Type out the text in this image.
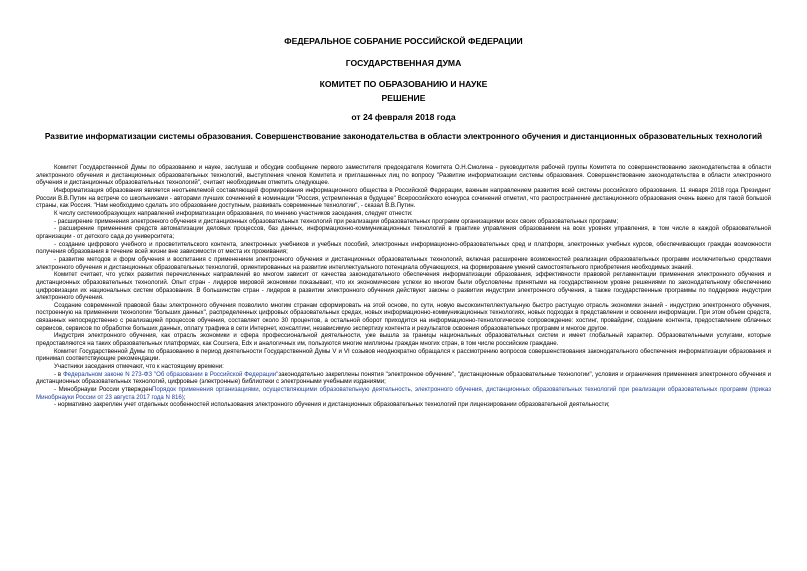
ФЕДЕРАЛЬНОЕ СОБРАНИЕ РОССИЙСКОЙ ФЕДЕРАЦИИ
ГОСУДАРСТВЕННАЯ ДУМА
КОМИТЕТ ПО ОБРАЗОВАНИЮ И НАУКЕ
РЕШЕНИЕ
от 24 февраля 2018 года
Развитие информатизации системы образования. Совершенствование законодательства в области электронного обучения и дистанционных образовательных технологий

Комитет Государственной Думы по образованию и науке, заслушав и обсудив сообщение первого заместителя председателя Комитета О.Н.Смолина - руководителя рабочей группы Комитета по совершенствованию законодательства в области электронного обучения и дистанционных образовательных технологий, выступления членов Комитета и приглашенных лиц по вопросу "Развитие информатизации системы образования. Совершенствование законодательства в области электронного обучения и дистанционных образовательных технологий", считает необходимым отметить следующее.

Информатизация образования является неотъемлемой составляющей формирования информационного общества в Российской Федерации, важным направлением развития всей системы российского образования. 11 января 2018 года Президент России В.В.Путин на встрече со школьниками - авторами лучших сочинений в номинации "Россия, устремленная в будущее" Всероссийского конкурса сочинений отметил, что распространение дистанционного образования очень важно для такой большой страны, как Россия. "Нам необходимо сделать это образование доступным, развивать современные технологии", - сказал В.В.Путин.

К числу системообразующих направлений информатизации образования, по мнению участников заседания, следует отнести:

- расширение применения электронного обучения и дистанционных образовательных технологий при реализации образовательных программ организациями всех своих образовательных программ;

- расширение применения средств автоматизации деловых процессов, баз данных, информационно-коммуникационных технологий в практике управления образованием на всех уровнях управления, в том числе в каждой образовательной организации - от детского сада до университета;

- создание цифрового учебного и просветительского контента, электронных учебников и учебных пособий, электронных информационно-образовательных сред и платформ, электронных учебных курсов, обеспечивающих граждан возможности получения образования в течение всей жизни вне зависимости от места их проживания;

- развитие методов и форм обучения и воспитания с применением электронного обучения и дистанционных образовательных технологий, включая расширение возможностей реализации образовательных программ исключительно средствами электронного обучения и дистанционных образовательных технологий, ориентированных на развитие интеллектуального потенциала обучающихся, на формирование умений самостоятельного приобретения необходимых знаний.

Комитет считает, что успех развития перечисленных направлений во многом зависит от качества законодательного обеспечения информатизации образования, эффективности правовой регламентации применения электронного обучения и дистанционных образовательных технологий. Опыт стран - лидеров мировой экономики показывает, что их экономические успехи во многом были обусловлены принятыми на государственном уровне решениями по законодательному обеспечению цифровизации их национальных систем образования. В большинстве стран - лидеров в развитии электронного обучения действуют законы о развитии индустрии электронного обучения, а также государственные программы по поддержке индустрии электронного обучения.

Создание современной правовой базы электронного обучения позволило многим странам сформировать на этой основе, по сути, новую высокоинтеллектуальную быстро растущую отрасль экономики знаний - индустрию электронного обучения, построенную на применении технологии "больших данных", распределенных цифровых образовательных средах, новых информационно-коммуникационных технологиях, новых подходах в представлении и освоении информации. При этом объем средств, связанных непосредственно с реализацией процессов обучения, составляет около 30 процентов, а остальной оборот приходится на информационно-технологическое сопровождение: хостинг, провайдинг, создание контента, предоставление облачных сервисов, сервисов по обработке больших данных, оплату трафика в сети Интернет, консалтинг, независимую экспертизу контента и результатов освоения образовательных программ и многое другое.

Индустрия электронного обучения, как отрасль экономики и сфера профессиональной деятельности, уже вышла за границы национальных образовательных систем и имеет глобальный характер. Образовательными услугами, которые предоставляются на таких образовательных платформах, как Coursera, Edx и аналогичных им, пользуются многие миллионы граждан многих стран, в том числе российские граждане.

Комитет Государственной Думы по образованию в период деятельности Государственной Думы V и VI созывов неоднократно обращался к рассмотрению вопросов совершенствования законодательного обеспечения информатизации образования и принимал соответствующие рекомендации.

Участники заседания отмечают, что к настоящему времени:

- в Федеральном законе N 273-ФЗ "Об образовании в Российской Федерации"законодательно закреплены понятия "электронное обучение", "дистанционные образовательные технологии", условия и ограничения применения электронного обучения и дистанционных образовательных технологий, цифровые (электронные) библиотеки с электронными учебными изданиями;

- Минобрнауки России утвержденПорядок применения организациями, осуществляющими образовательную деятельность, электронного обучения, дистанционных образовательных технологий при реализации образовательных программ (приказ Минобрнауки России от 23 августа 2017 года N 816);

- нормативно закреплен учет отдельных особенностей использования электронного обучения и дистанционных образовательных технологий при лицензировании образовательной деятельности;
